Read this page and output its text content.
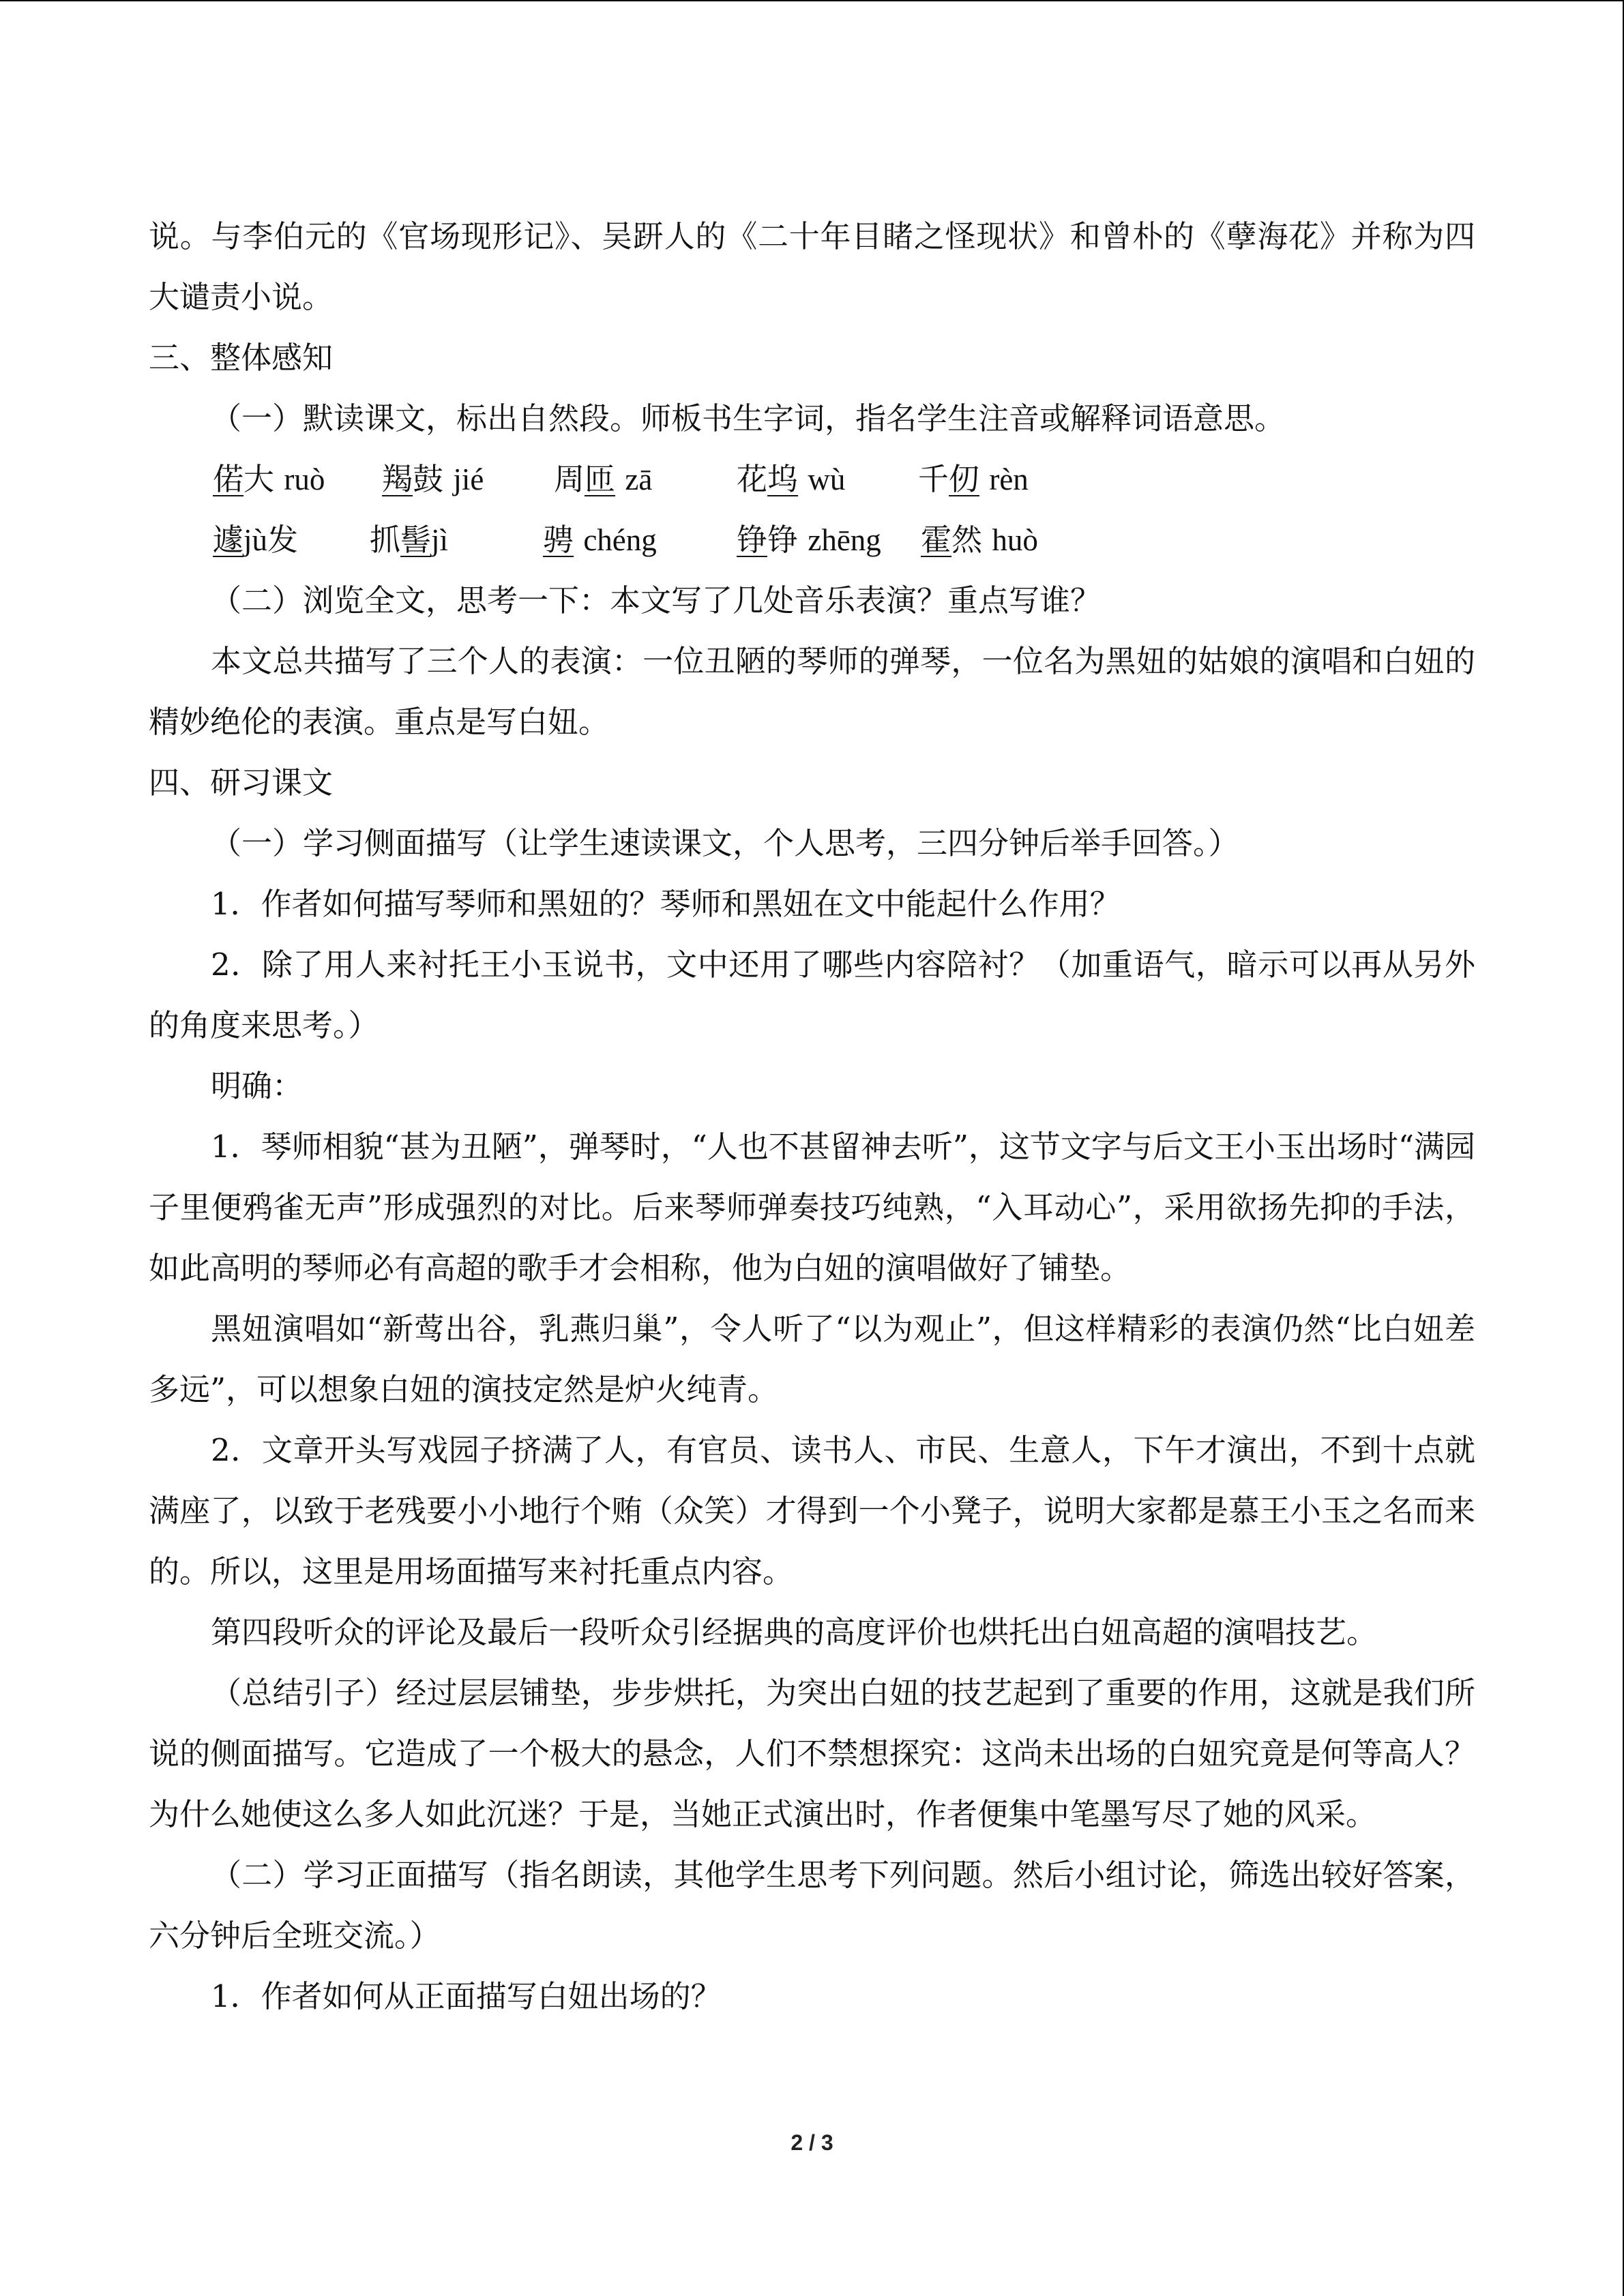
说。与李伯元的《官场现形记》、吴趼人的《二十年目睹之怪现状》和曾朴的《孽海花》并称为四大谴责小说。

三、整体感知

（一）默读课文，标出自然段。师板书生字词，指名学生注音或解释词语意思。

偌大 ruò	羯鼓 jié	周匝 zā	花坞 wù	千仞 rèn
遽jù发	抓髻jì	骋 chéng	铮铮 zhēng	霍然 huò

（二）浏览全文，思考一下：本文写了几处音乐表演？重点写谁？

本文总共描写了三个人的表演：一位丑陋的琴师的弹琴，一位名为黑妞的姑娘的演唱和白妞的精妙绝伦的表演。重点是写白妞。

四、研习课文

（一）学习侧面描写（让学生速读课文，个人思考，三四分钟后举手回答。）

1．作者如何描写琴师和黑妞的？琴师和黑妞在文中能起什么作用？

2．除了用人来衬托王小玉说书，文中还用了哪些内容陪衬？（加重语气，暗示可以再从另外的角度来思考。）

明确：

1．琴师相貌“甚为丑陋”，弹琴时，“人也不甚留神去听”，这节文字与后文王小玉出场时“满园子里便鸦雀无声”形成强烈的对比。后来琴师弹奏技巧纯熟，“入耳动心”，采用欲扬先抑的手法，如此高明的琴师必有高超的歌手才会相称，他为白妞的演唱做好了铺垫。

黑妞演唱如“新莺出谷，乳燕归巢”，令人听了“以为观止”，但这样精彩的表演仍然“比白妞差多远”，可以想象白妞的演技定然是炉火纯青。

2．文章开头写戏园子挤满了人，有官员、读书人、市民、生意人，下午才演出，不到十点就满座了，以致于老残要小小地行个贿（众笑）才得到一个小凳子，说明大家都是慕王小玉之名而来的。所以，这里是用场面描写来衬托重点内容。

第四段听众的评论及最后一段听众引经据典的高度评价也烘托出白妞高超的演唱技艺。

（总结引子）经过层层铺垫，步步烘托，为突出白妞的技艺起到了重要的作用，这就是我们所说的侧面描写。它造成了一个极大的悬念，人们不禁想探究：这尚未出场的白妞究竟是何等高人？为什么她使这么多人如此沉迷？于是，当她正式演出时，作者便集中笔墨写尽了她的风采。

（二）学习正面描写（指名朗读，其他学生思考下列问题。然后小组讨论，筛选出较好答案，六分钟后全班交流。）

1．作者如何从正面描写白妞出场的？

2 / 3
